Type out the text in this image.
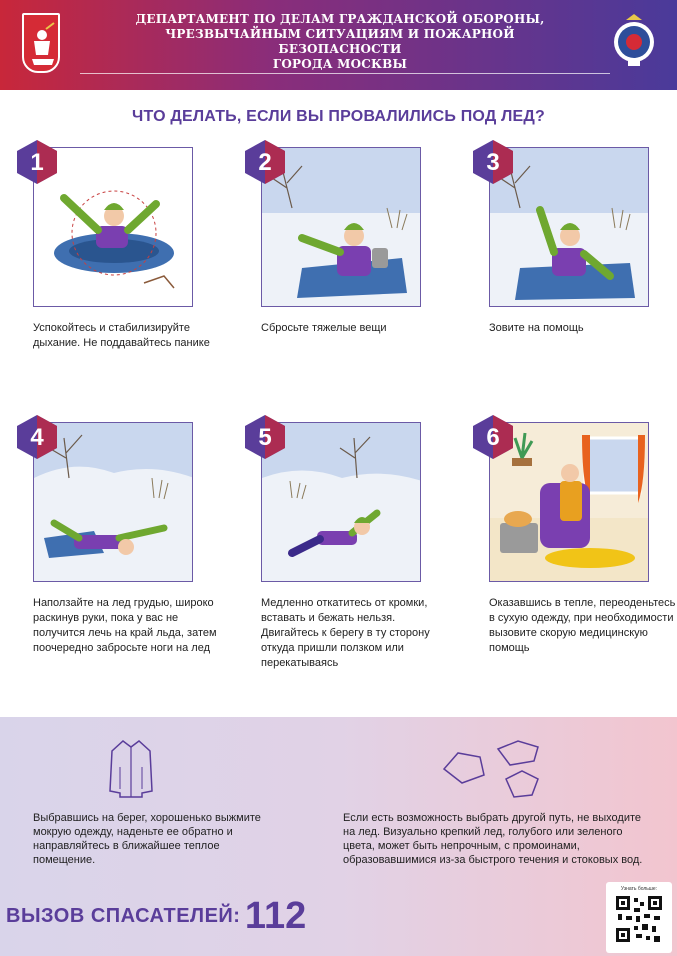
ДЕПАРТАМЕНТ ПО ДЕЛАМ ГРАЖДАНСКОЙ ОБОРОНЫ,
ЧРЕЗВЫЧАЙНЫМ СИТУАЦИЯМ И ПОЖАРНОЙ БЕЗОПАСНОСТИ
ГОРОДА МОСКВЫ
ЧТО ДЕЛАТЬ, ЕСЛИ ВЫ ПРОВАЛИЛИСЬ ПОД ЛЕД?
1
Успокойтесь и стабилизируйте дыхание. Не поддавайтесь панике
2
Сбросьте тяжелые вещи
3
Зовите на помощь
4
Наползайте на лед грудью, широко раскинув руки, пока у вас не получится лечь на край льда, затем поочередно забросьте ноги на лед
5
Медленно откатитесь от кромки, вставать и бежать нельзя. Двигайтесь к берегу в ту сторону откуда пришли ползком или перекатываясь
6
Оказавшись в тепле, переоденьтесь в сухую одежду, при необходимости вызовите скорую медицинскую помощь
Выбравшись на берег, хорошенько выжмите мокрую одежду, наденьте ее обратно и направляйтесь в ближайшее теплое помещение.
Если есть возможность выбрать другой путь, не выходите на лед. Визуально крепкий лед, голубого или зеленого цвета, может быть непрочным, с промоинами, образовавшимися из-за быстрого течения и стоковых вод.
ВЫЗОВ СПАСАТЕЛЕЙ: 112
Узнать больше:
